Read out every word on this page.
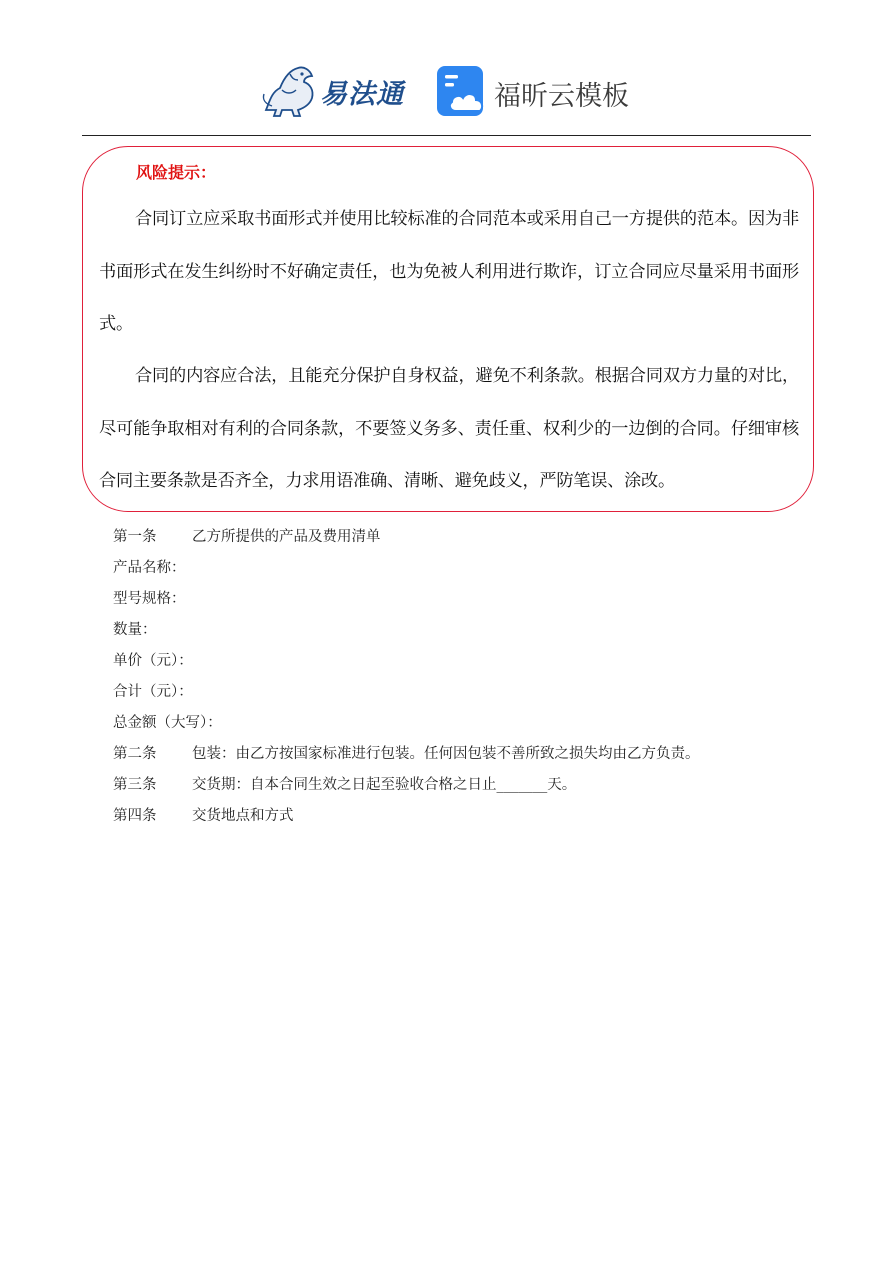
易法通	福昕云模板
风险提示：

合同订立应采取书面形式并使用比较标准的合同范本或采用自己一方提供的范本。因为非书面形式在发生纠纷时不好确定责任，也为免被人利用进行欺诈，订立合同应尽量采用书面形式。

合同的内容应合法，且能充分保护自身权益，避免不利条款。根据合同双方力量的对比，尽可能争取相对有利的合同条款，不要签义务多、责任重、权利少的一边倒的合同。仔细审核合同主要条款是否齐全，力求用语准确、清晰、避免歧义，严防笔误、涂改。

第一条 乙方所提供的产品及费用清单
产品名称：
型号规格：
数量：
单价（元）：
合计（元）：
总金额（大写）：
第二条 包装：由乙方按国家标准进行包装。任何因包装不善所致之损失均由乙方负责。
第三条 交货期：自本合同生效之日起至验收合格之日止_______天。
第四条 交货地点和方式
